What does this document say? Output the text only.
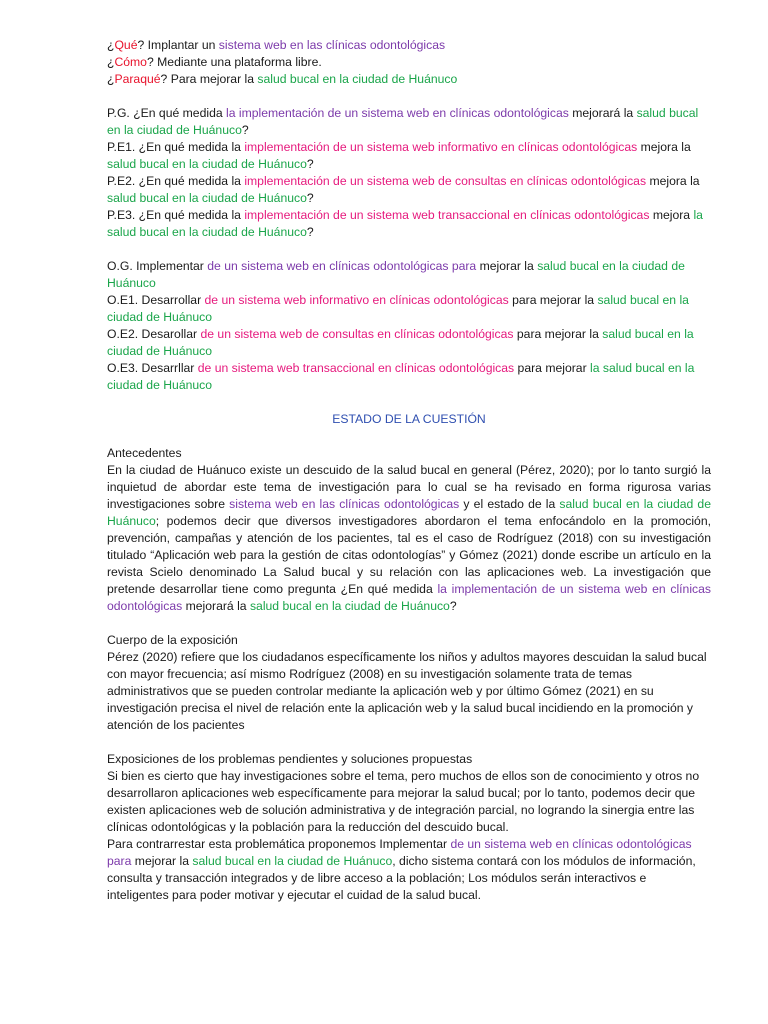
¿Qué? Implantar un sistema web en las clínicas odontológicas

¿Cómo? Mediante una plataforma libre.

¿Paraqué? Para mejorar la salud bucal en la ciudad de Huánuco

P.G. ¿En qué medida la implementación de un sistema web en clínicas odontológicas mejorará la salud bucal en la ciudad de Huánuco?

P.E1. ¿En qué medida la implementación de un sistema web informativo en clínicas odontológicas mejora la salud bucal en la ciudad de Huánuco?

P.E2. ¿En qué medida la implementación de un sistema web de consultas en clínicas odontológicas mejora la salud bucal en la ciudad de Huánuco?

P.E3. ¿En qué medida la implementación de un sistema web transaccional en clínicas odontológicas mejora la salud bucal en la ciudad de Huánuco?

O.G. Implementar de un sistema web en clínicas odontológicas para mejorar la salud bucal en la ciudad de Huánuco

O.E1. Desarrollar de un sistema web informativo en clínicas odontológicas para mejorar la salud bucal en la ciudad de Huánuco

O.E2. Desarollar de un sistema web de consultas en clínicas odontológicas para mejorar la salud bucal en la ciudad de Huánuco

O.E3. Desarrllar de un sistema web transaccional en clínicas odontológicas para mejorar la salud bucal en la ciudad de Huánuco

ESTADO DE LA CUESTIÓN

Antecedentes

En la ciudad de Huánuco existe un descuido de la salud bucal en general (Pérez, 2020); por lo tanto surgió la inquietud de abordar este tema de investigación para lo cual se ha revisado en forma rigurosa varias investigaciones sobre sistema web en las clínicas odontológicas y el estado de la salud bucal en la ciudad de Huánuco; podemos decir que diversos investigadores abordaron el tema enfocándolo en la promoción, prevención, campañas y atención de los pacientes, tal es el caso de Rodríguez (2018) con su investigación titulado “Aplicación web para la gestión de citas odontologías” y Gómez (2021) donde escribe un artículo en la revista Scielo denominado La Salud bucal y su relación con las aplicaciones web. La investigación que pretende desarrollar tiene como pregunta ¿En qué medida la implementación de un sistema web en clínicas odontológicas mejorará la salud bucal en la ciudad de Huánuco?

Cuerpo de la exposición

Pérez (2020) refiere que los ciudadanos específicamente los niños y adultos mayores descuidan la salud bucal con mayor frecuencia; así mismo Rodríguez (2008) en su investigación solamente trata de temas administrativos que se pueden controlar mediante la aplicación web y por último Gómez (2021) en su investigación precisa el nivel de relación ente la aplicación web y la salud bucal incidiendo en la promoción y atención de los pacientes

Exposiciones de los problemas pendientes y soluciones propuestas

Si bien es cierto que hay investigaciones sobre el tema, pero muchos de ellos son de conocimiento y otros no desarrollaron aplicaciones web específicamente para mejorar la salud bucal; por lo tanto, podemos decir que existen aplicaciones web de solución administrativa y de integración parcial, no logrando la sinergia entre las clínicas odontológicas y la población para la reducción del descuido bucal.

Para contrarrestar esta problemática proponemos Implementar de un sistema web en clínicas odontológicas para mejorar la salud bucal en la ciudad de Huánuco, dicho sistema contará con los módulos de información, consulta y transacción integrados y de libre acceso a la población; Los módulos serán interactivos e inteligentes para poder motivar y ejecutar el cuidad de la salud bucal.
